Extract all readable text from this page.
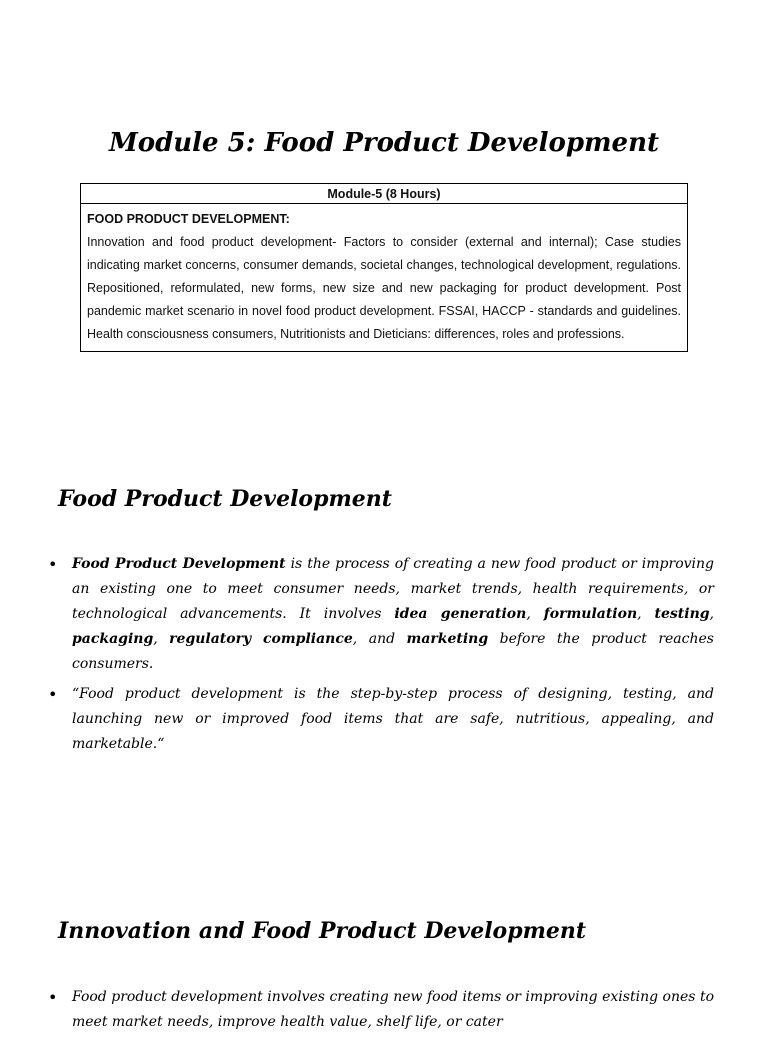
Module 5: Food Product Development
Module-5 (8 Hours)
FOOD PRODUCT DEVELOPMENT:
Innovation and food product development- Factors to consider (external and internal); Case studies indicating market concerns, consumer demands, societal changes, technological development, regulations. Repositioned, reformulated, new forms, new size and new packaging for product development. Post pandemic market scenario in novel food product development. FSSAI, HACCP - standards and guidelines. Health consciousness consumers, Nutritionists and Dieticians: differences, roles and professions.
Food Product Development
• Food Product Development is the process of creating a new food product or improving an existing one to meet consumer needs, market trends, health requirements, or technological advancements. It involves idea generation, formulation, testing, packaging, regulatory compliance, and marketing before the product reaches consumers.
• “Food product development is the step-by-step process of designing, testing, and launching new or improved food items that are safe, nutritious, appealing, and marketable.“
Innovation and Food Product Development
• Food product development involves creating new food items or improving existing ones to meet market needs, improve health value, shelf life, or cater
